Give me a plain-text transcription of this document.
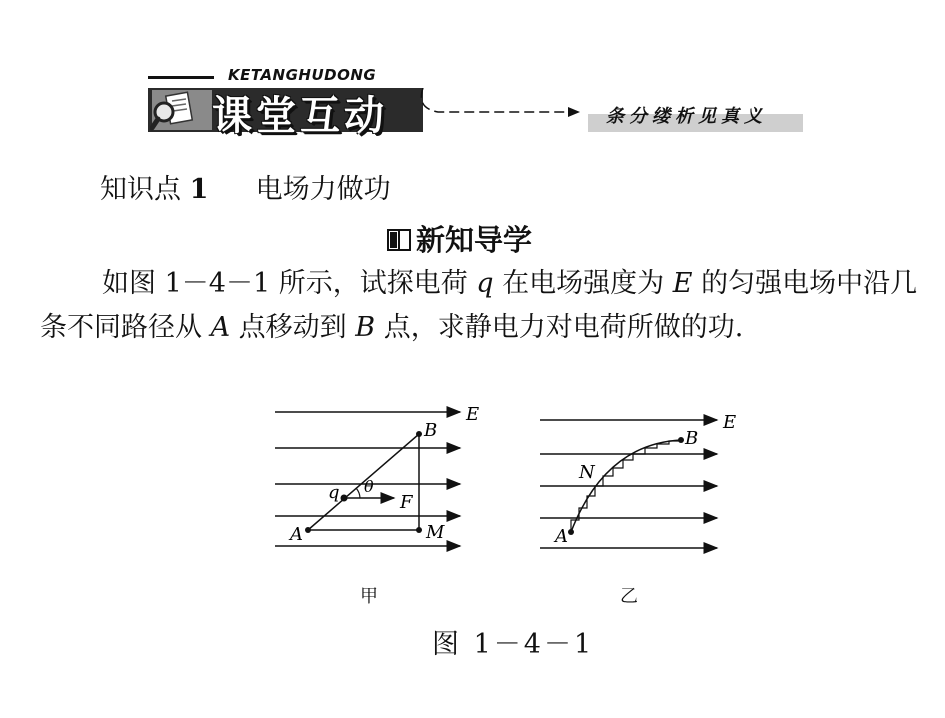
KETANGHUDONG
课堂互动	条分缕析见真义
知识点 1 电场力做功
新知导学
如图 1－4－1 所示，试探电荷 q 在电场强度为 E 的匀强电场中沿几条不同路径从 A 点移动到 B 点，求静电力对电荷所做的功.
E
B
q θ
F
A	M
E
B
N
A
甲	乙
图 1－4－1
